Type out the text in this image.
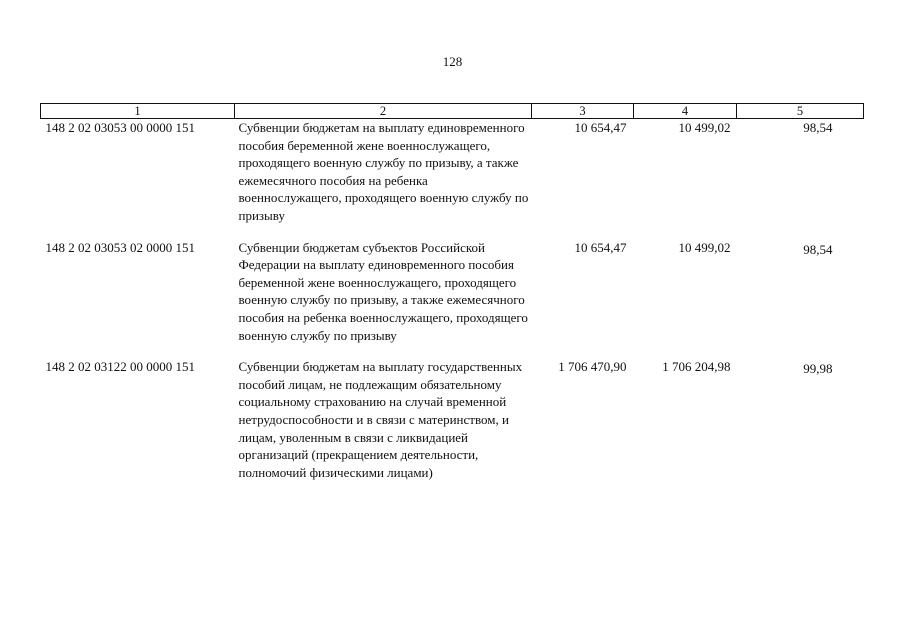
128
1	2	3	4	5
148 2 02 03053 00 0000 151	Субвенции бюджетам на выплату единовременного пособия беременной жене военнослужащего, проходящего военную службу по призыву, а также ежемесячного пособия на ребенка военнослужащего, проходящего военную службу по призыву	10 654,47	10 499,02	98,54
148 2 02 03053 02 0000 151	Субвенции бюджетам субъектов Российской Федерации на выплату единовременного пособия беременной жене военнослужащего, проходящего военную службу по призыву, а также ежемесячного пособия на ребенка военнослужащего, проходящего военную службу по призыву	10 654,47	10 499,02	98,54
148 2 02 03122 00 0000 151	Субвенции бюджетам на выплату государственных пособий лицам, не подлежащим обязательному социальному страхованию на случай временной нетрудоспособности и в связи с материнством, и лицам, уволенным в связи с ликвидацией организаций (прекращением деятельности, полномочий физическими лицами)	1 706 470,90	1 706 204,98	99,98
